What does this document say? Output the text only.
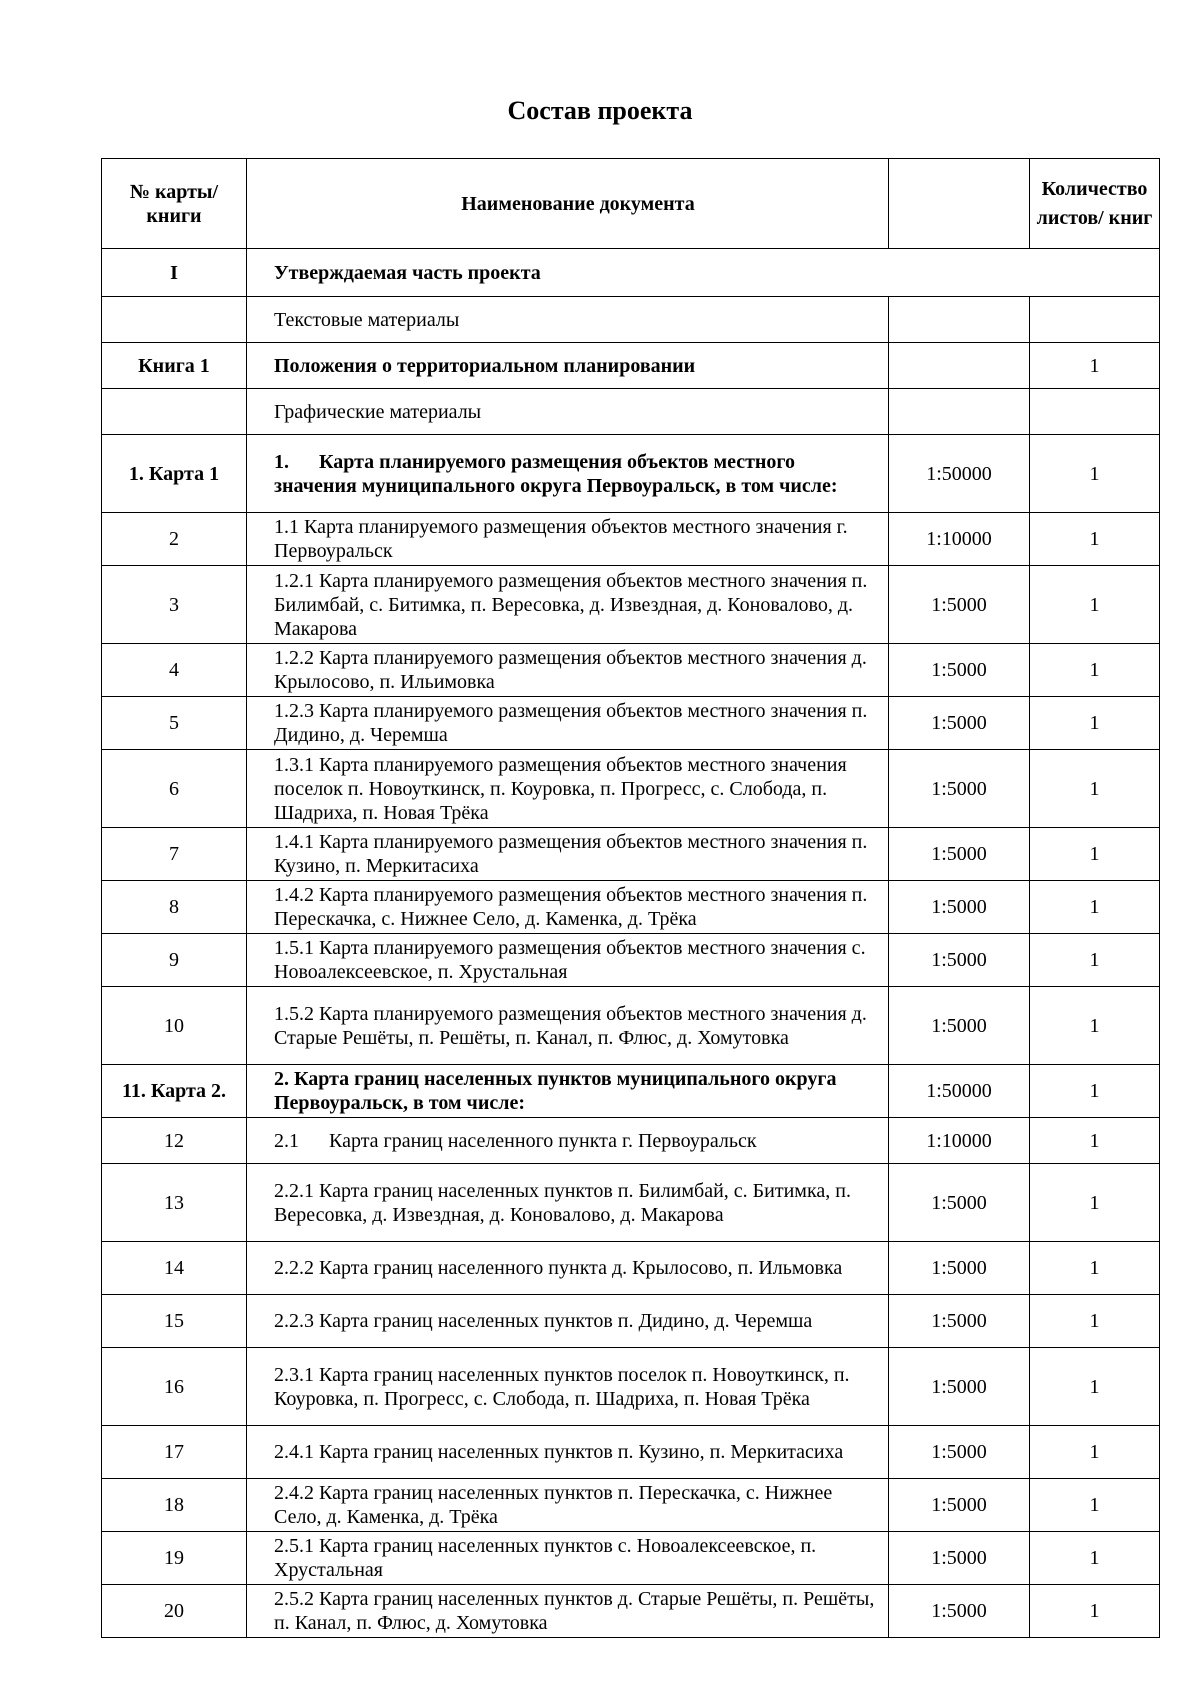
Состав проекта
№ карты/ книги	Наименование документа		Количество листов/ книг
I	Утверждаемая часть проекта		
	Текстовые материалы		
Книга 1	Положения о территориальном планировании		1
	Графические материалы		
1. Карта 1	1.  Карта планируемого размещения объектов местного значения муниципального округа Первоуральск, в том числе:	1:50000	1
2	1.1 Карта планируемого размещения объектов местного значения г. Первоуральск	1:10000	1
3	1.2.1 Карта планируемого размещения объектов местного значения п. Билимбай, с. Битимка, п. Вересовка, д. Извездная, д. Коновалово, д. Макарова	1:5000	1
4	1.2.2 Карта планируемого размещения объектов местного значения д. Крылосово, п. Ильимовка	1:5000	1
5	1.2.3 Карта планируемого размещения объектов местного значения п. Дидино, д. Черемша	1:5000	1
6	1.3.1 Карта планируемого размещения объектов местного значения поселок п. Новоуткинск, п. Коуровка, п. Прогресс, с. Слобода, п. Шадриха, п. Новая Трёка	1:5000	1
7	1.4.1 Карта планируемого размещения объектов местного значения п. Кузино, п. Меркитасиха	1:5000	1
8	1.4.2 Карта планируемого размещения объектов местного значения п. Перескачка, с. Нижнее Село, д. Каменка, д. Трёка	1:5000	1
9	1.5.1 Карта планируемого размещения объектов местного значения с. Новоалексеевское, п. Хрустальная	1:5000	1
10	1.5.2 Карта планируемого размещения объектов местного значения д. Старые Решёты, п. Решёты, п. Канал, п. Флюс, д. Хомутовка	1:5000	1
11. Карта 2.	2. Карта границ населенных пунктов муниципального округа Первоуральск, в том числе:	1:50000	1
12	2.1  Карта границ населенного пункта г. Первоуральск	1:10000	1
13	2.2.1 Карта границ населенных пунктов п. Билимбай, с. Битимка, п. Вересовка, д. Извездная, д. Коновалово, д. Макарова	1:5000	1
14	2.2.2 Карта границ населенного пункта д. Крылосово, п. Ильмовка	1:5000	1
15	2.2.3 Карта границ населенных пунктов п. Дидино, д. Черемша	1:5000	1
16	2.3.1 Карта границ населенных пунктов поселок п. Новоуткинск, п. Коуровка, п. Прогресс, с. Слобода, п. Шадриха, п. Новая Трёка	1:5000	1
17	2.4.1 Карта границ населенных пунктов п. Кузино, п. Меркитасиха	1:5000	1
18	2.4.2 Карта границ населенных пунктов п. Перескачка, с. Нижнее Село, д. Каменка, д. Трёка	1:5000	1
19	2.5.1 Карта границ населенных пунктов с. Новоалексеевское, п. Хрустальная	1:5000	1
20	2.5.2 Карта границ населенных пунктов д. Старые Решёты, п. Решёты, п. Канал, п. Флюс, д. Хомутовка	1:5000	1
